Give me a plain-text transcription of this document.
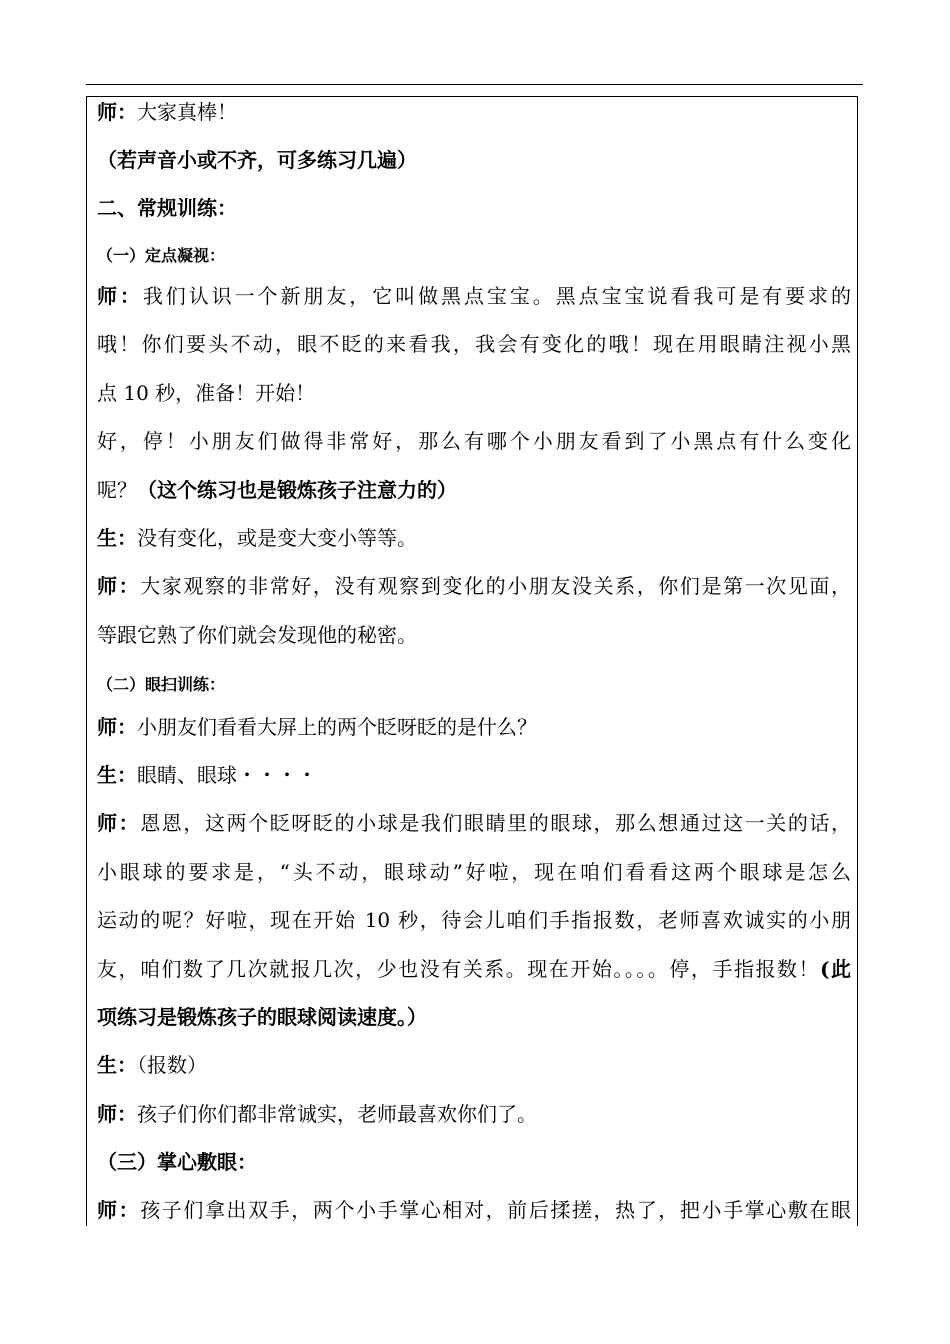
师：大家真棒！
（若声音小或不齐，可多练习几遍）
二、常规训练：
（一）定点凝视：
师：我们认识一个新朋友，它叫做黑点宝宝。黑点宝宝说看我可是有要求的
哦！你们要头不动，眼不眨的来看我，我会有变化的哦！现在用眼睛注视小黑
点 10 秒，准备！开始！
好，停！小朋友们做得非常好，那么有哪个小朋友看到了小黑点有什么变化
呢？（这个练习也是锻炼孩子注意力的）
生：没有变化，或是变大变小等等。
师：大家观察的非常好，没有观察到变化的小朋友没关系，你们是第一次见面，
等跟它熟了你们就会发现他的秘密。
（二）眼扫训练：
师：小朋友们看看大屏上的两个眨呀眨的是什么？
生：眼睛、眼球・・・・
师：恩恩，这两个眨呀眨的小球是我们眼睛里的眼球，那么想通过这一关的话，
小眼球的要求是，“头不动，眼球动”好啦，现在咱们看看这两个眼球是怎么
运动的呢？好啦，现在开始 10 秒，待会儿咱们手指报数，老师喜欢诚实的小朋
友，咱们数了几次就报几次，少也没有关系。现在开始。。。。停，手指报数！(此
项练习是锻炼孩子的眼球阅读速度。）
生：（报数）
师：孩子们你们都非常诚实，老师最喜欢你们了。
（三）掌心敷眼：
师：孩子们拿出双手，两个小手掌心相对，前后揉搓，热了，把小手掌心敷在眼
